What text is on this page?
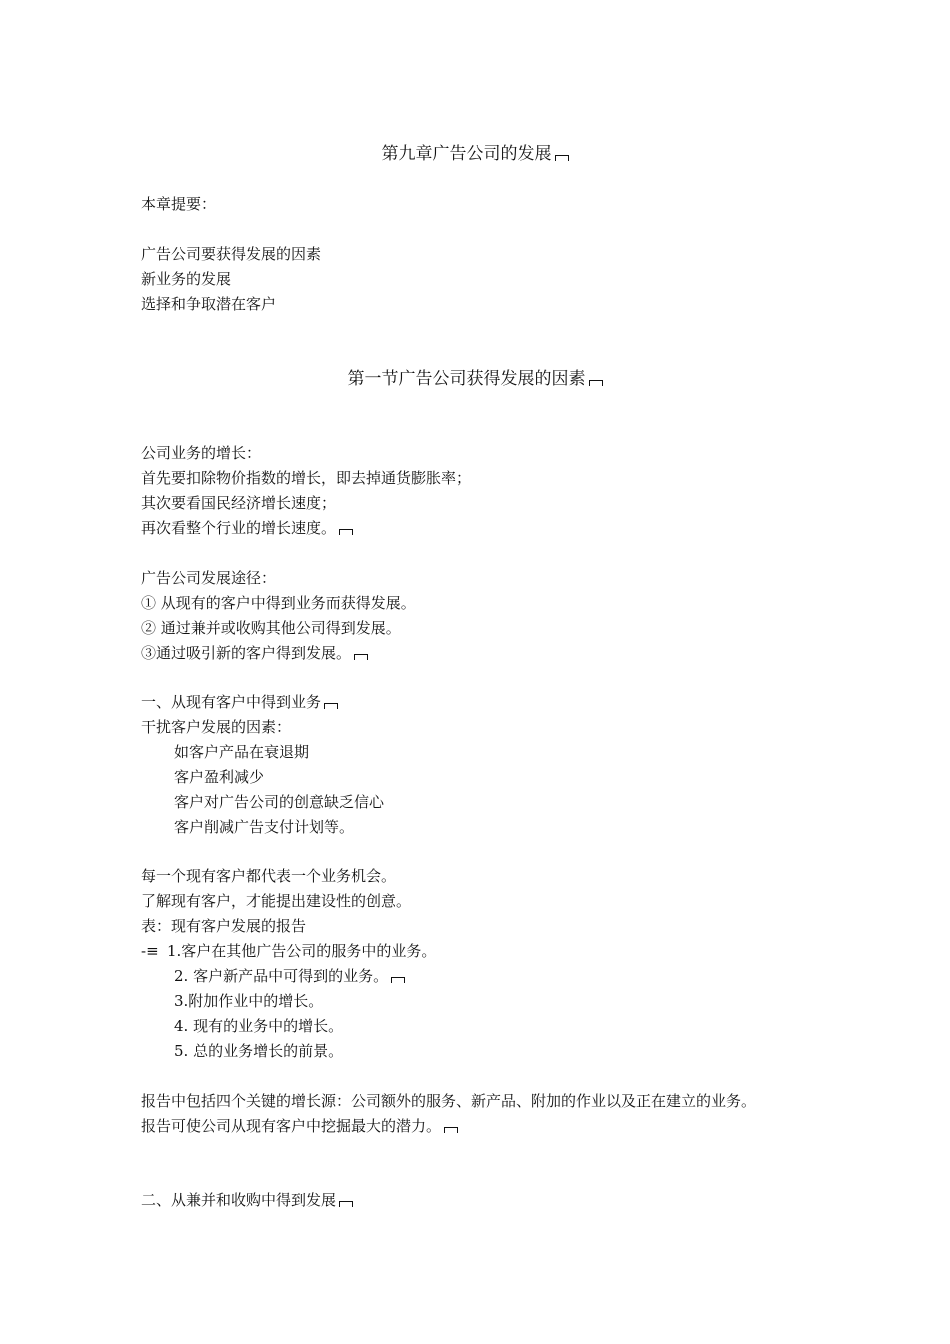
第九章广告公司的发展
本章提要：
广告公司要获得发展的因素
新业务的发展
选择和争取潜在客户
第一节广告公司获得发展的因素
公司业务的增长：
首先要扣除物价指数的增长，即去掉通货膨胀率；
其次要看国民经济增长速度；
再次看整个行业的增长速度。
广告公司发展途径：
① 从现有的客户中得到业务而获得发展。
② 通过兼并或收购其他公司得到发展。
③通过吸引新的客户得到发展。
一、从现有客户中得到业务
干扰客户发展的因素：
如客户产品在衰退期
客户盈利减少
客户对广告公司的创意缺乏信心
客户削减广告支付计划等。
每一个现有客户都代表一个业务机会。
了解现有客户，才能提出建设性的创意。
表：现有客户发展的报告
-≡ 1.客户在其他广告公司的服务中的业务。
2. 客户新产品中可得到的业务。
3.附加作业中的增长。
4. 现有的业务中的增长。
5. 总的业务增长的前景。
报告中包括四个关键的增长源：公司额外的服务、新产品、附加的作业以及正在建立的业务。
报告可使公司从现有客户中挖掘最大的潜力。
二、从兼并和收购中得到发展
